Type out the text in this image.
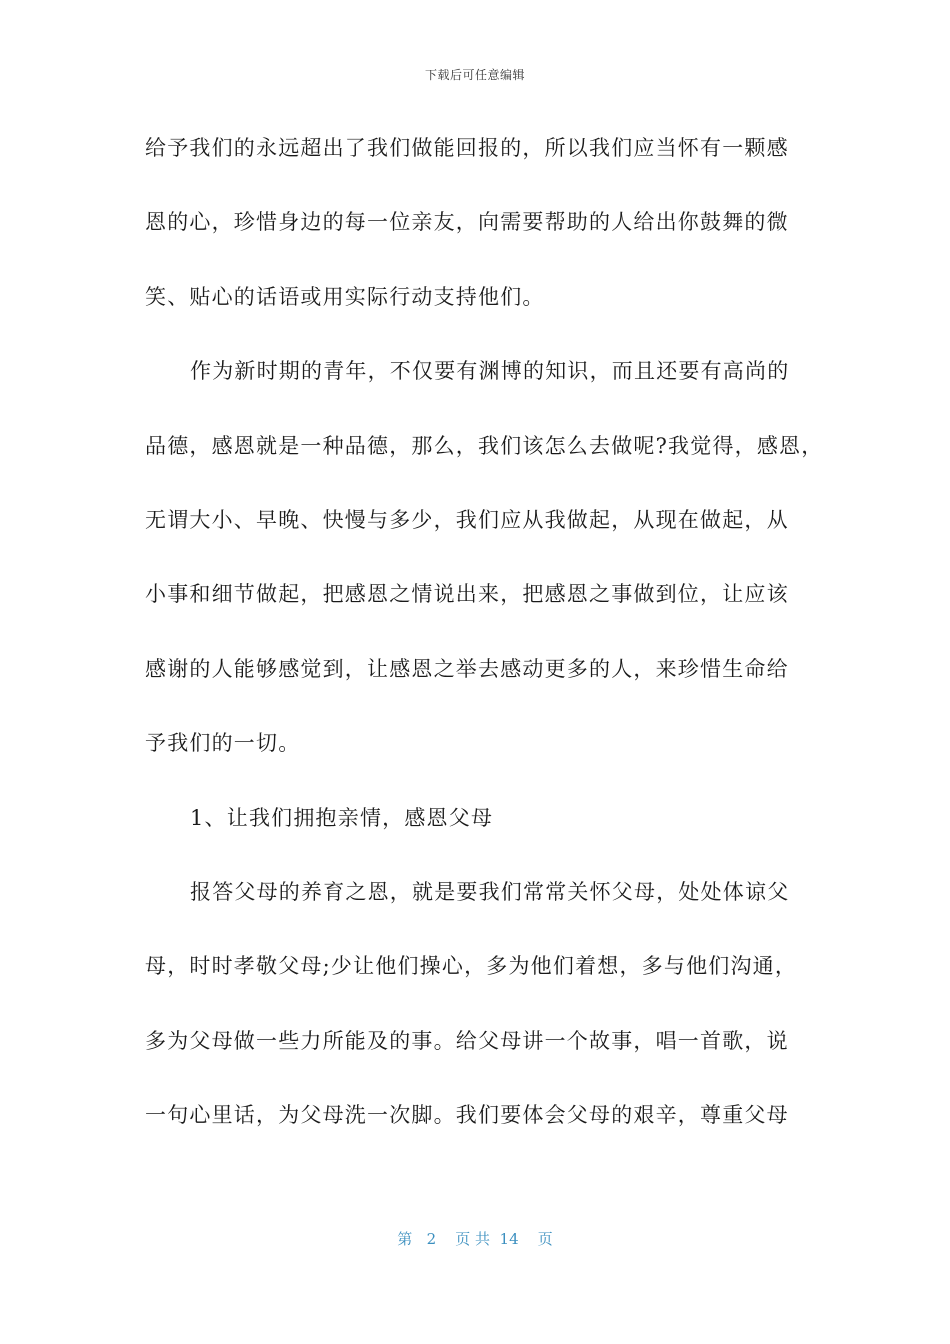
下载后可任意编辑
给予我们的永远超出了我们做能回报的，所以我们应当怀有一颗感
恩的心，珍惜身边的每一位亲友，向需要帮助的人给出你鼓舞的微
笑、贴心的话语或用实际行动支持他们。
作为新时期的青年，不仅要有渊博的知识，而且还要有高尚的
品德，感恩就是一种品德，那么，我们该怎么去做呢?我觉得，感恩，
无谓大小、早晚、快慢与多少，我们应从我做起，从现在做起，从
小事和细节做起，把感恩之情说出来，把感恩之事做到位，让应该
感谢的人能够感觉到，让感恩之举去感动更多的人，来珍惜生命给
予我们的一切。
1、让我们拥抱亲情，感恩父母
报答父母的养育之恩，就是要我们常常关怀父母，处处体谅父
母，时时孝敬父母;少让他们操心，多为他们着想，多与他们沟通，
多为父母做一些力所能及的事。给父母讲一个故事，唱一首歌，说
一句心里话，为父母洗一次脚。我们要体会父母的艰辛，尊重父母
第 2 页 共 14 页
